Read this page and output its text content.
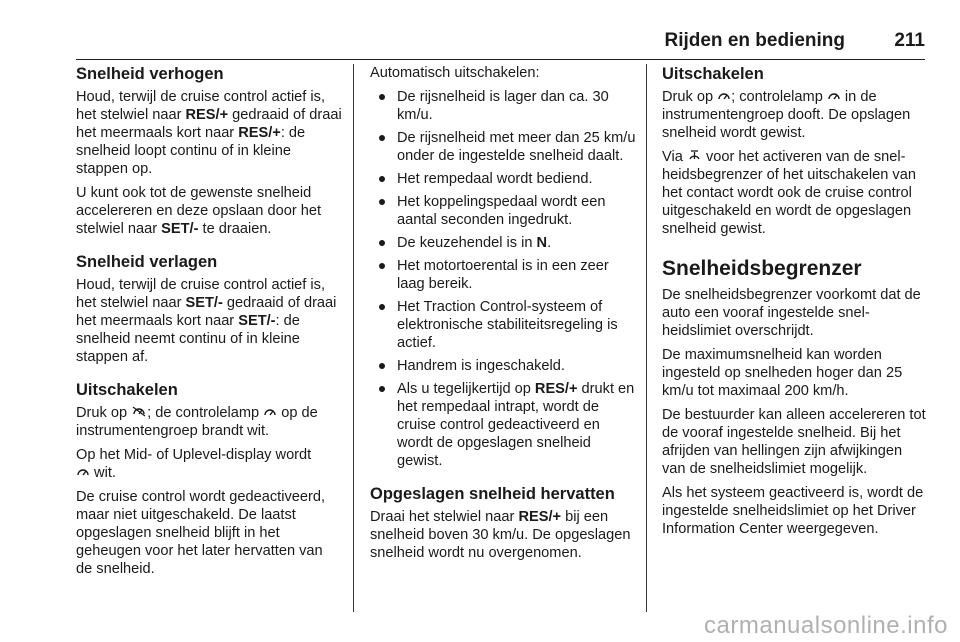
Rijden en bediening	211
Snelheid verhogen

Houd, terwijl de cruise control actief is, het stelwiel naar RES/+ gedraaid of draai het meermaals kort naar RES/+: de snelheid loopt continu of in kleine stappen op.

U kunt ook tot de gewenste snelheid accelereren en deze opslaan door het stelwiel naar SET/- te draaien.

Snelheid verlagen

Houd, terwijl de cruise control actief is, het stelwiel naar SET/- gedraaid of draai het meermaals kort naar SET/-: de snelheid neemt continu of in kleine stappen af.

Uitschakelen

Druk op ; de controlelamp  op de instrumentengroep brandt wit.

Op het Mid- of Uplevel-display wordt
wit.

De cruise control wordt gedeactiveerd, maar niet uitgeschakeld. De laatst opgeslagen snelheid blijft in het geheugen voor het later hervatten van de snelheid.

Automatisch uitschakelen:

De rijsnelheid is lager dan ca. 30 km/u.
De rijsnelheid met meer dan 25 km/u onder de ingestelde snelheid daalt.
Het rempedaal wordt bediend.
Het koppelingspedaal wordt een aantal seconden ingedrukt.
De keuzehendel is in N.
Het motortoerental is in een zeer laag bereik.
Het Traction Control-systeem of elektronische stabiliteitsregeling is actief.
Handrem is ingeschakeld.
Als u tegelijkertijd op RES/+ drukt en het rempedaal intrapt, wordt de cruise control gedeactiveerd en wordt de opgeslagen snelheid gewist.
Opgeslagen snelheid hervatten

Draai het stelwiel naar RES/+ bij een snelheid boven 30 km/u. De opgeslagen snelheid wordt nu overgenomen.

Uitschakelen

Druk op ; controlelamp  in de instrumentengroep dooft. De opslagen snelheid wordt gewist.

Via  voor het activeren van de snelheidsbegrenzer of het uitschakelen van het contact wordt ook de cruise control uitgeschakeld en wordt de opgeslagen snelheid gewist.

Snelheidsbegrenzer

De snelheidsbegrenzer voorkomt dat de auto een vooraf ingestelde snelheidslimiet overschrijdt.

De maximumsnelheid kan worden ingesteld op snelheden hoger dan 25 km/u tot maximaal 200 km/h.

De bestuurder kan alleen accelereren tot de vooraf ingestelde snelheid. Bij het afrijden van hellingen zijn afwijkingen van de snelheidslimiet mogelijk.

Als het systeem geactiveerd is, wordt de ingestelde snelheidslimiet op het Driver Information Center weergegeven.

carmanualsonline.info
